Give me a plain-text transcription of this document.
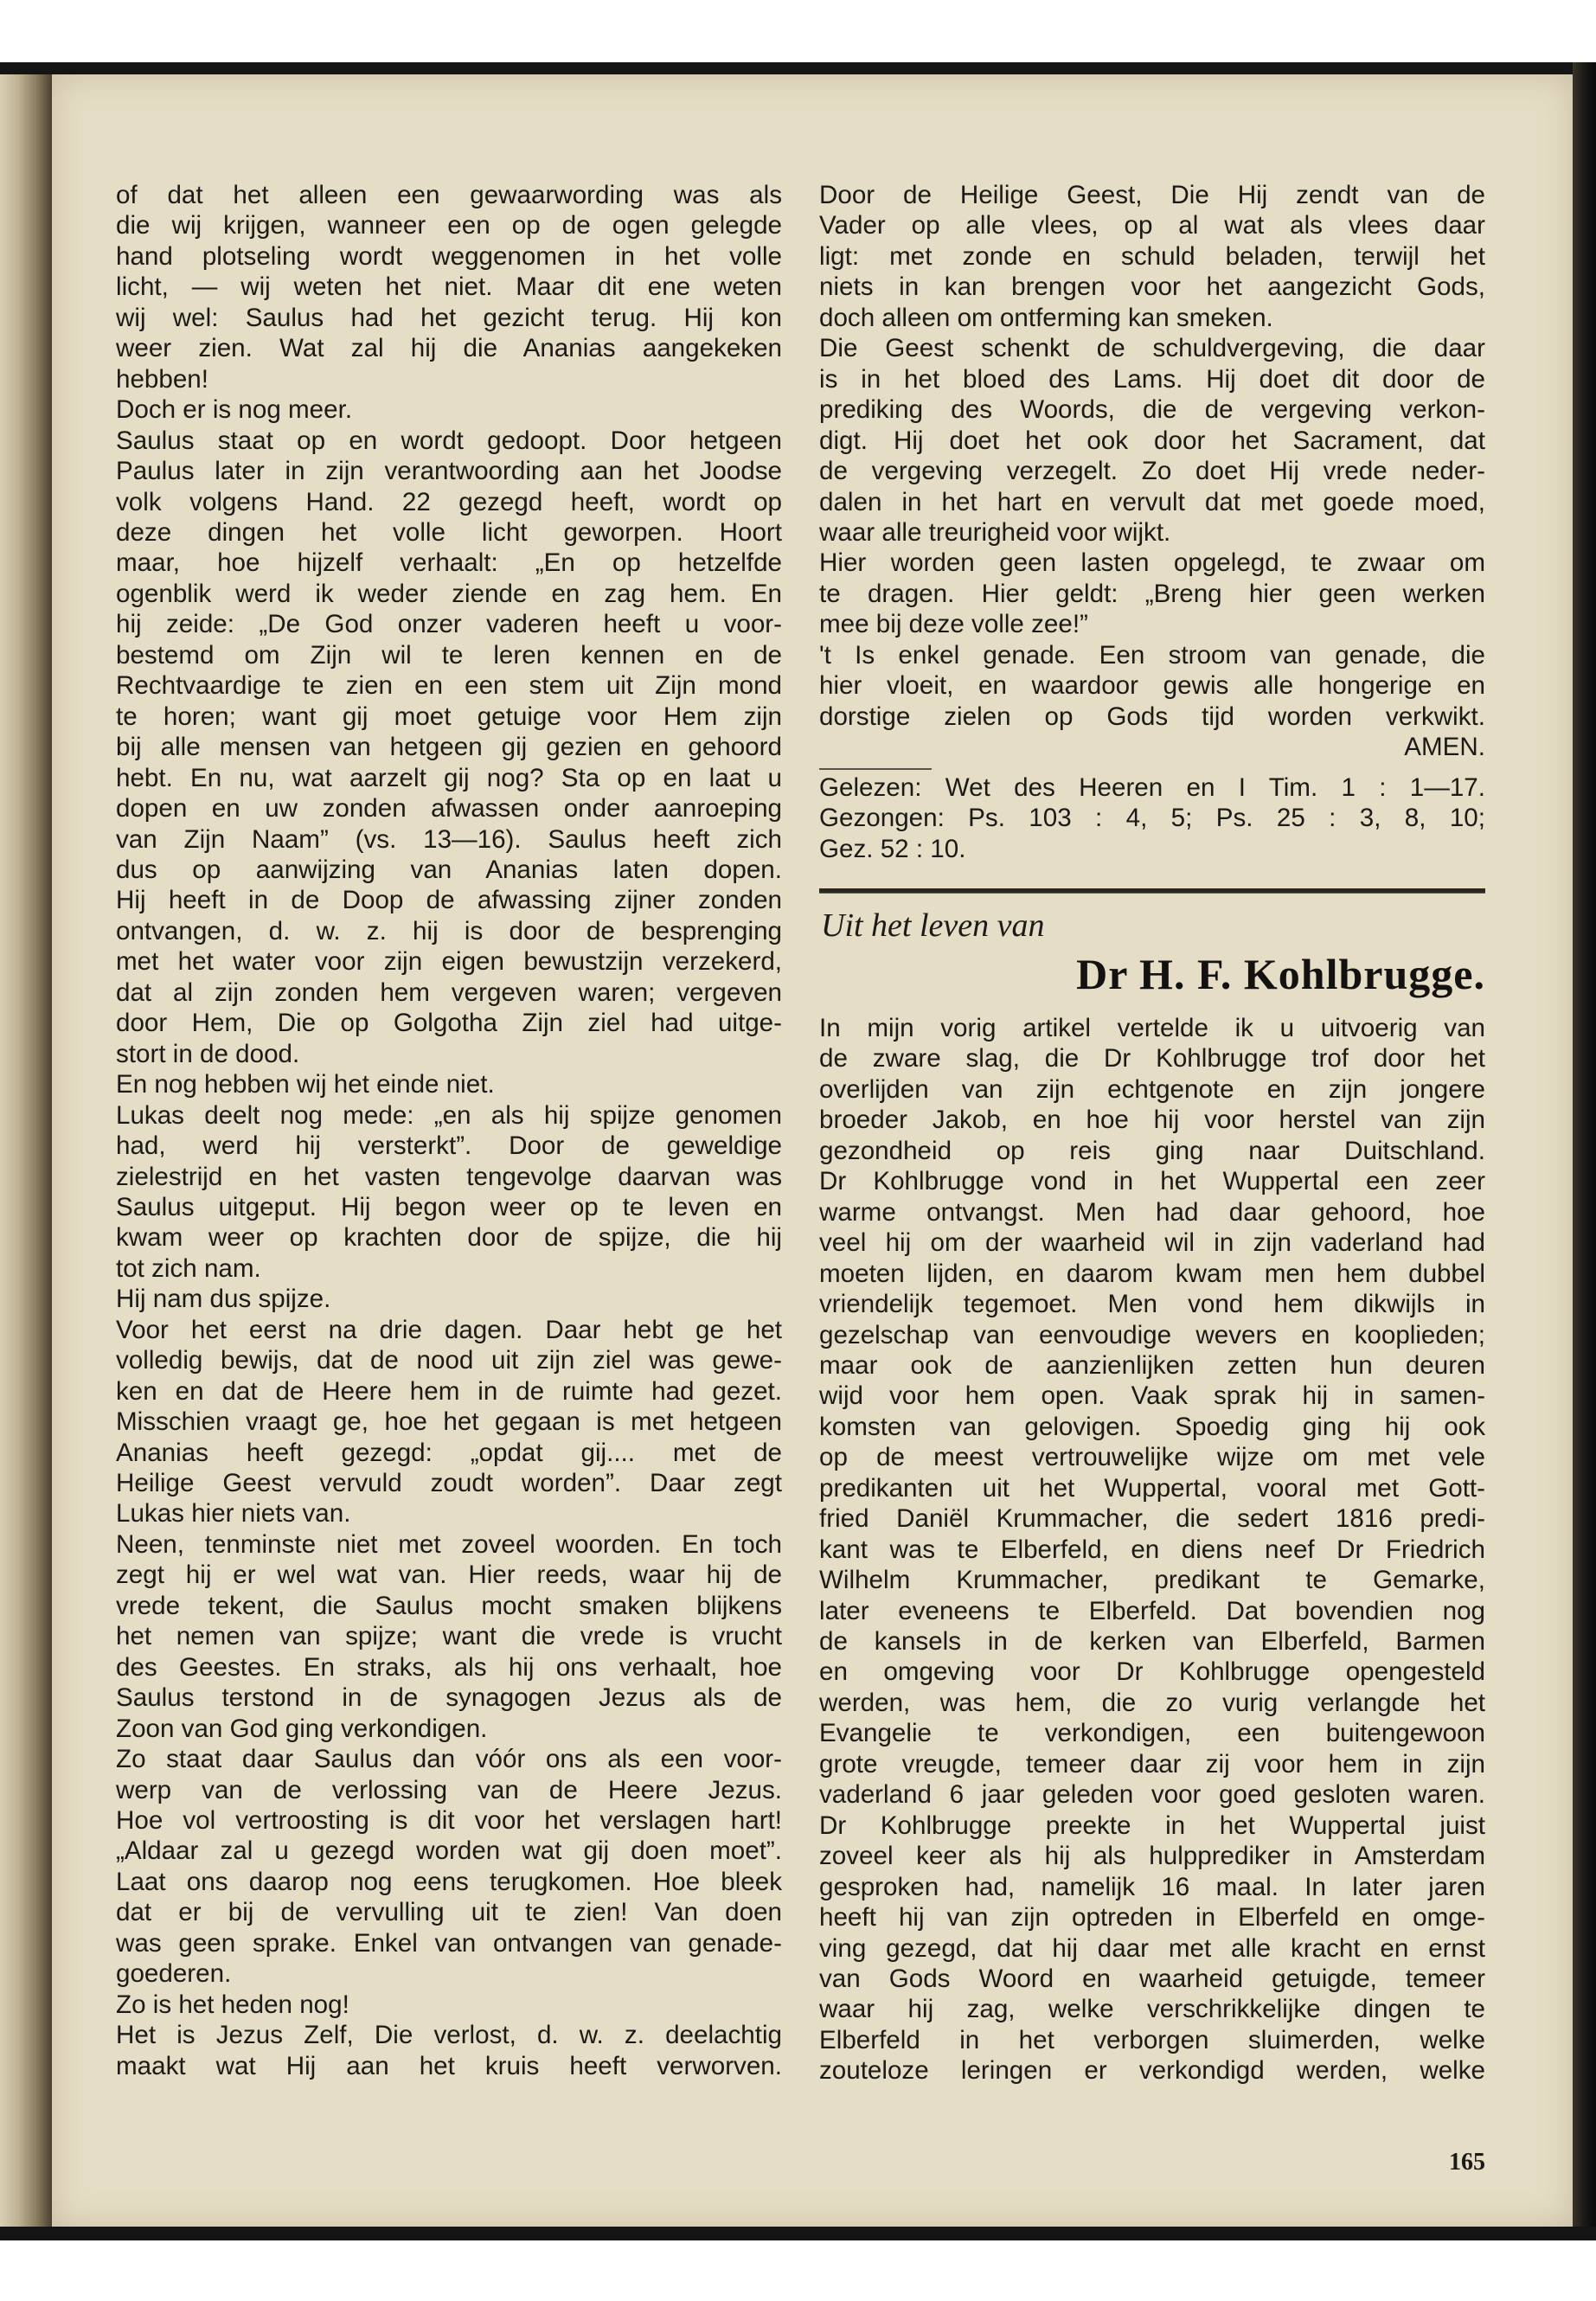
of dat het alleen een gewaarwording was als
die wij krijgen, wanneer een op de ogen gelegde
hand plotseling wordt weggenomen in het volle
licht, — wij weten het niet. Maar dit ene weten
wij wel: Saulus had het gezicht terug. Hij kon
weer zien. Wat zal hij die Ananias aangekeken
hebben!
Doch er is nog meer.
Saulus staat op en wordt gedoopt. Door hetgeen
Paulus later in zijn verantwoording aan het Joodse
volk volgens Hand. 22 gezegd heeft, wordt op
deze dingen het volle licht geworpen. Hoort
maar, hoe hijzelf verhaalt: „En op hetzelfde
ogenblik werd ik weder ziende en zag hem. En
hij zeide: „De God onzer vaderen heeft u voor-
bestemd om Zijn wil te leren kennen en de
Rechtvaardige te zien en een stem uit Zijn mond
te horen; want gij moet getuige voor Hem zijn
bij alle mensen van hetgeen gij gezien en gehoord
hebt. En nu, wat aarzelt gij nog? Sta op en laat u
dopen en uw zonden afwassen onder aanroeping
van Zijn Naam” (vs. 13—16). Saulus heeft zich
dus op aanwijzing van Ananias laten dopen.
Hij heeft in de Doop de afwassing zijner zonden
ontvangen, d. w. z. hij is door de besprenging
met het water voor zijn eigen bewustzijn verzekerd,
dat al zijn zonden hem vergeven waren; vergeven
door Hem, Die op Golgotha Zijn ziel had uitge-
stort in de dood.
En nog hebben wij het einde niet.
Lukas deelt nog mede: „en als hij spijze genomen
had, werd hij versterkt”. Door de geweldige
zielestrijd en het vasten tengevolge daarvan was
Saulus uitgeput. Hij begon weer op te leven en
kwam weer op krachten door de spijze, die hij
tot zich nam.
Hij nam dus spijze.
Voor het eerst na drie dagen. Daar hebt ge het
volledig bewijs, dat de nood uit zijn ziel was gewe-
ken en dat de Heere hem in de ruimte had gezet.
Misschien vraagt ge, hoe het gegaan is met hetgeen
Ananias heeft gezegd: „opdat gij.... met de
Heilige Geest vervuld zoudt worden”. Daar zegt
Lukas hier niets van.
Neen, tenminste niet met zoveel woorden. En toch
zegt hij er wel wat van. Hier reeds, waar hij de
vrede tekent, die Saulus mocht smaken blijkens
het nemen van spijze; want die vrede is vrucht
des Geestes. En straks, als hij ons verhaalt, hoe
Saulus terstond in de synagogen Jezus als de
Zoon van God ging verkondigen.
Zo staat daar Saulus dan vóór ons als een voor-
werp van de verlossing van de Heere Jezus.
Hoe vol vertroosting is dit voor het verslagen hart!
„Aldaar zal u gezegd worden wat gij doen moet”.
Laat ons daarop nog eens terugkomen. Hoe bleek
dat er bij de vervulling uit te zien! Van doen
was geen sprake. Enkel van ontvangen van genade-
goederen.
Zo is het heden nog!
Het is Jezus Zelf, Die verlost, d. w. z. deelachtig
maakt wat Hij aan het kruis heeft verworven.
Door de Heilige Geest, Die Hij zendt van de
Vader op alle vlees, op al wat als vlees daar
ligt: met zonde en schuld beladen, terwijl het
niets in kan brengen voor het aangezicht Gods,
doch alleen om ontferming kan smeken.
Die Geest schenkt de schuldvergeving, die daar
is in het bloed des Lams. Hij doet dit door de
prediking des Woords, die de vergeving verkon-
digt. Hij doet het ook door het Sacrament, dat
de vergeving verzegelt. Zo doet Hij vrede neder-
dalen in het hart en vervult dat met goede moed,
waar alle treurigheid voor wijkt.
Hier worden geen lasten opgelegd, te zwaar om
te dragen. Hier geldt: „Breng hier geen werken
mee bij deze volle zee!”
't Is enkel genade. Een stroom van genade, die
hier vloeit, en waardoor gewis alle hongerige en
dorstige zielen op Gods tijd worden verkwikt.
AMEN.
Gelezen: Wet des Heeren en I Tim. 1 : 1—17.
Gezongen: Ps. 103 : 4, 5; Ps. 25 : 3, 8, 10;
Gez. 52 : 10.
Uit het leven van
Dr H. F. Kohlbrugge.
In mijn vorig artikel vertelde ik u uitvoerig van
de zware slag, die Dr Kohlbrugge trof door het
overlijden van zijn echtgenote en zijn jongere
broeder Jakob, en hoe hij voor herstel van zijn
gezondheid op reis ging naar Duitschland.
Dr Kohlbrugge vond in het Wuppertal een zeer
warme ontvangst. Men had daar gehoord, hoe
veel hij om der waarheid wil in zijn vaderland had
moeten lijden, en daarom kwam men hem dubbel
vriendelijk tegemoet. Men vond hem dikwijls in
gezelschap van eenvoudige wevers en kooplieden;
maar ook de aanzienlijken zetten hun deuren
wijd voor hem open. Vaak sprak hij in samen-
komsten van gelovigen. Spoedig ging hij ook
op de meest vertrouwelijke wijze om met vele
predikanten uit het Wuppertal, vooral met Gott-
fried Daniël Krummacher, die sedert 1816 predi-
kant was te Elberfeld, en diens neef Dr Friedrich
Wilhelm Krummacher, predikant te Gemarke,
later eveneens te Elberfeld. Dat bovendien nog
de kansels in de kerken van Elberfeld, Barmen
en omgeving voor Dr Kohlbrugge opengesteld
werden, was hem, die zo vurig verlangde het
Evangelie te verkondigen, een buitengewoon
grote vreugde, temeer daar zij voor hem in zijn
vaderland 6 jaar geleden voor goed gesloten waren.
Dr Kohlbrugge preekte in het Wuppertal juist
zoveel keer als hij als hulpprediker in Amsterdam
gesproken had, namelijk 16 maal. In later jaren
heeft hij van zijn optreden in Elberfeld en omge-
ving gezegd, dat hij daar met alle kracht en ernst
van Gods Woord en waarheid getuigde, temeer
waar hij zag, welke verschrikkelijke dingen te
Elberfeld in het verborgen sluimerden, welke
zouteloze leringen er verkondigd werden, welke
165
